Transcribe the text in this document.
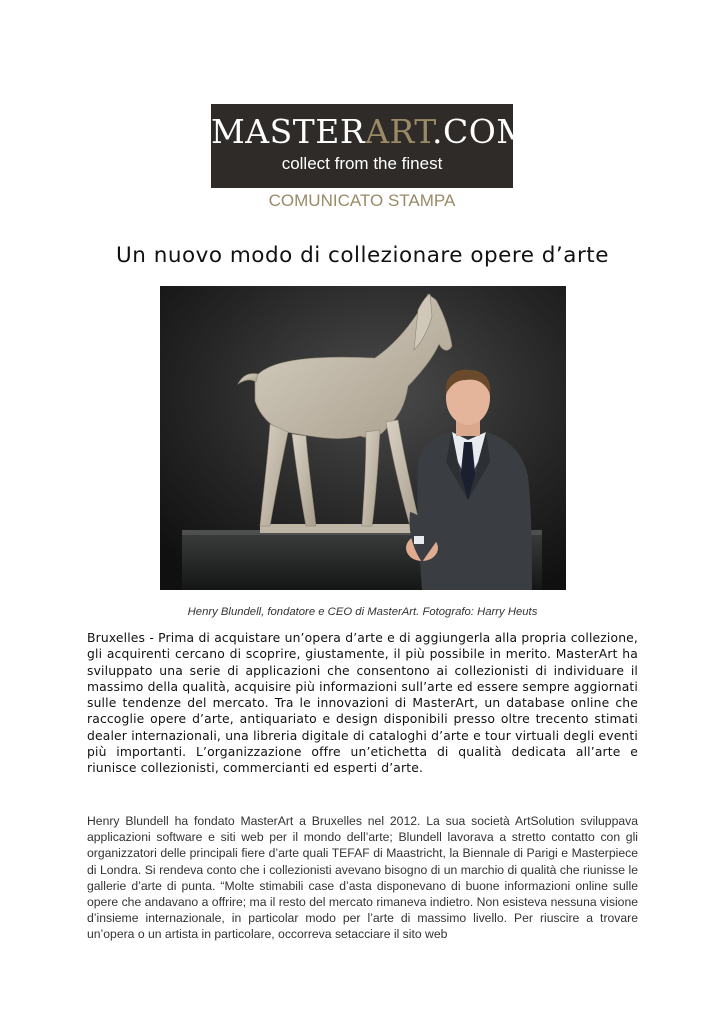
MASTERART.COM
collect from the finest
COMUNICATO STAMPA
Un nuovo modo di collezionare opere d’arte
Henry Blundell, fondatore e CEO di MasterArt. Fotografo: Harry Heuts

Bruxelles - Prima di acquistare un’opera d’arte e di aggiungerla alla propria collezione, gli acquirenti cercano di scoprire, giustamente, il più possibile in merito. MasterArt ha sviluppato una serie di applicazioni che consentono ai collezionisti di individuare il massimo della qualità, acquisire più informazioni sull’arte ed essere sempre aggiornati sulle tendenze del mercato. Tra le innovazioni di MasterArt, un database online che raccoglie opere d’arte, antiquariato e design disponibili presso oltre trecento stimati dealer internazionali, una libreria digitale di cataloghi d’arte e tour virtuali degli eventi più importanti. L’organizzazione offre un’etichetta di qualità dedicata all’arte e riunisce collezionisti, commercianti ed esperti d’arte.

Henry Blundell ha fondato MasterArt a Bruxelles nel 2012. La sua società ArtSolution sviluppava applicazioni software e siti web per il mondo dell’arte; Blundell lavorava a stretto contatto con gli organizzatori delle principali fiere d’arte quali TEFAF di Maastricht, la Biennale di Parigi e Masterpiece di Londra. Si rendeva conto che i collezionisti avevano bisogno di un marchio di qualità che riunisse le gallerie d’arte di punta. “Molte stimabili case d’asta disponevano di buone informazioni online sulle opere che andavano a offrire; ma il resto del mercato rimaneva indietro. Non esisteva nessuna visione d’insieme internazionale, in particolar modo per l’arte di massimo livello. Per riuscire a trovare un’opera o un artista in particolare, occorreva setacciare il sito web
